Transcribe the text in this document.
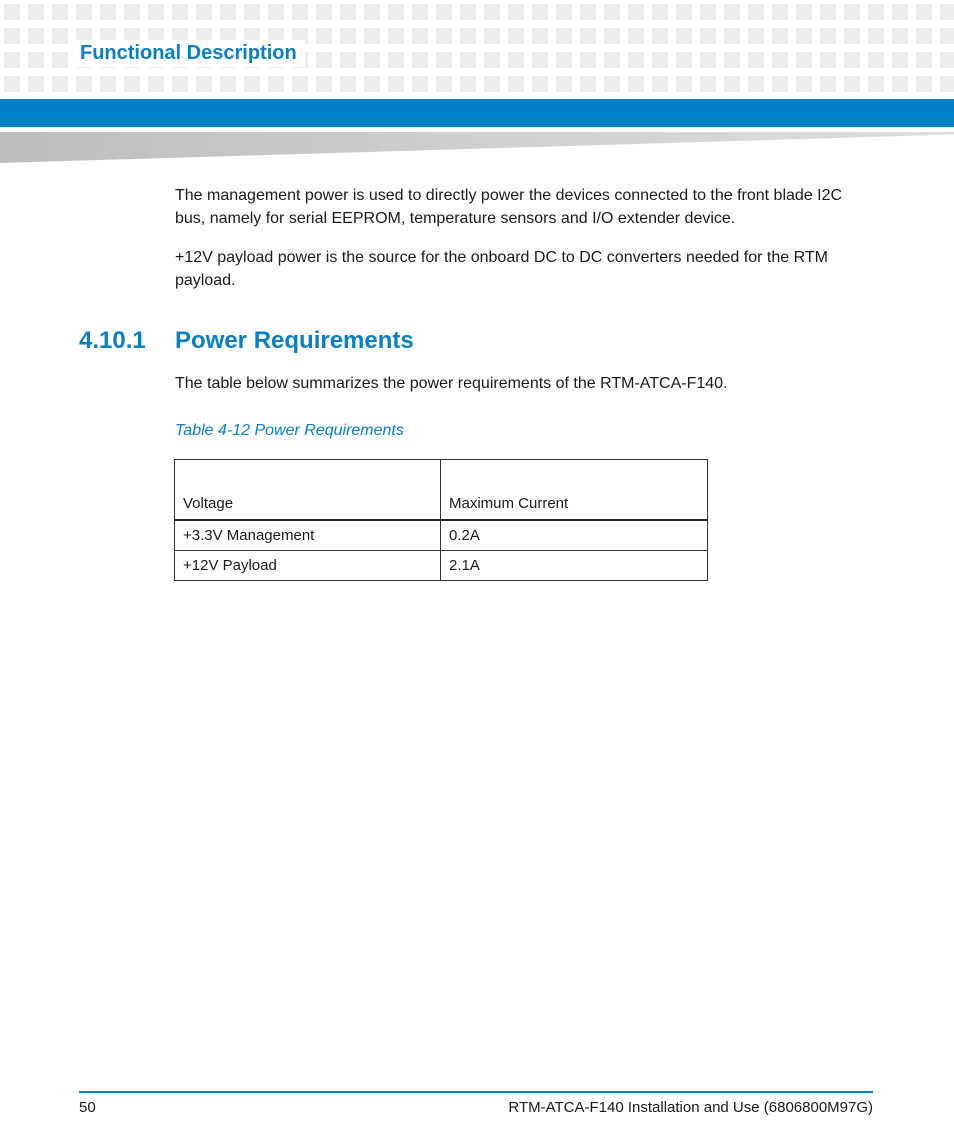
Functional Description

The management power is used to directly power the devices connected to the front blade I2C bus, namely for serial EEPROM, temperature sensors and I/O extender device.

+12V payload power is the source for the onboard DC to DC converters needed for the RTM payload.

4.10.1	Power Requirements

The table below summarizes the power requirements of the RTM-ATCA-F140.

Table 4-12 Power Requirements
Voltage	Maximum Current
+3.3V Management	0.2A
+12V Payload	2.1A
50	RTM-ATCA-F140 Installation and Use (6806800M97G)
